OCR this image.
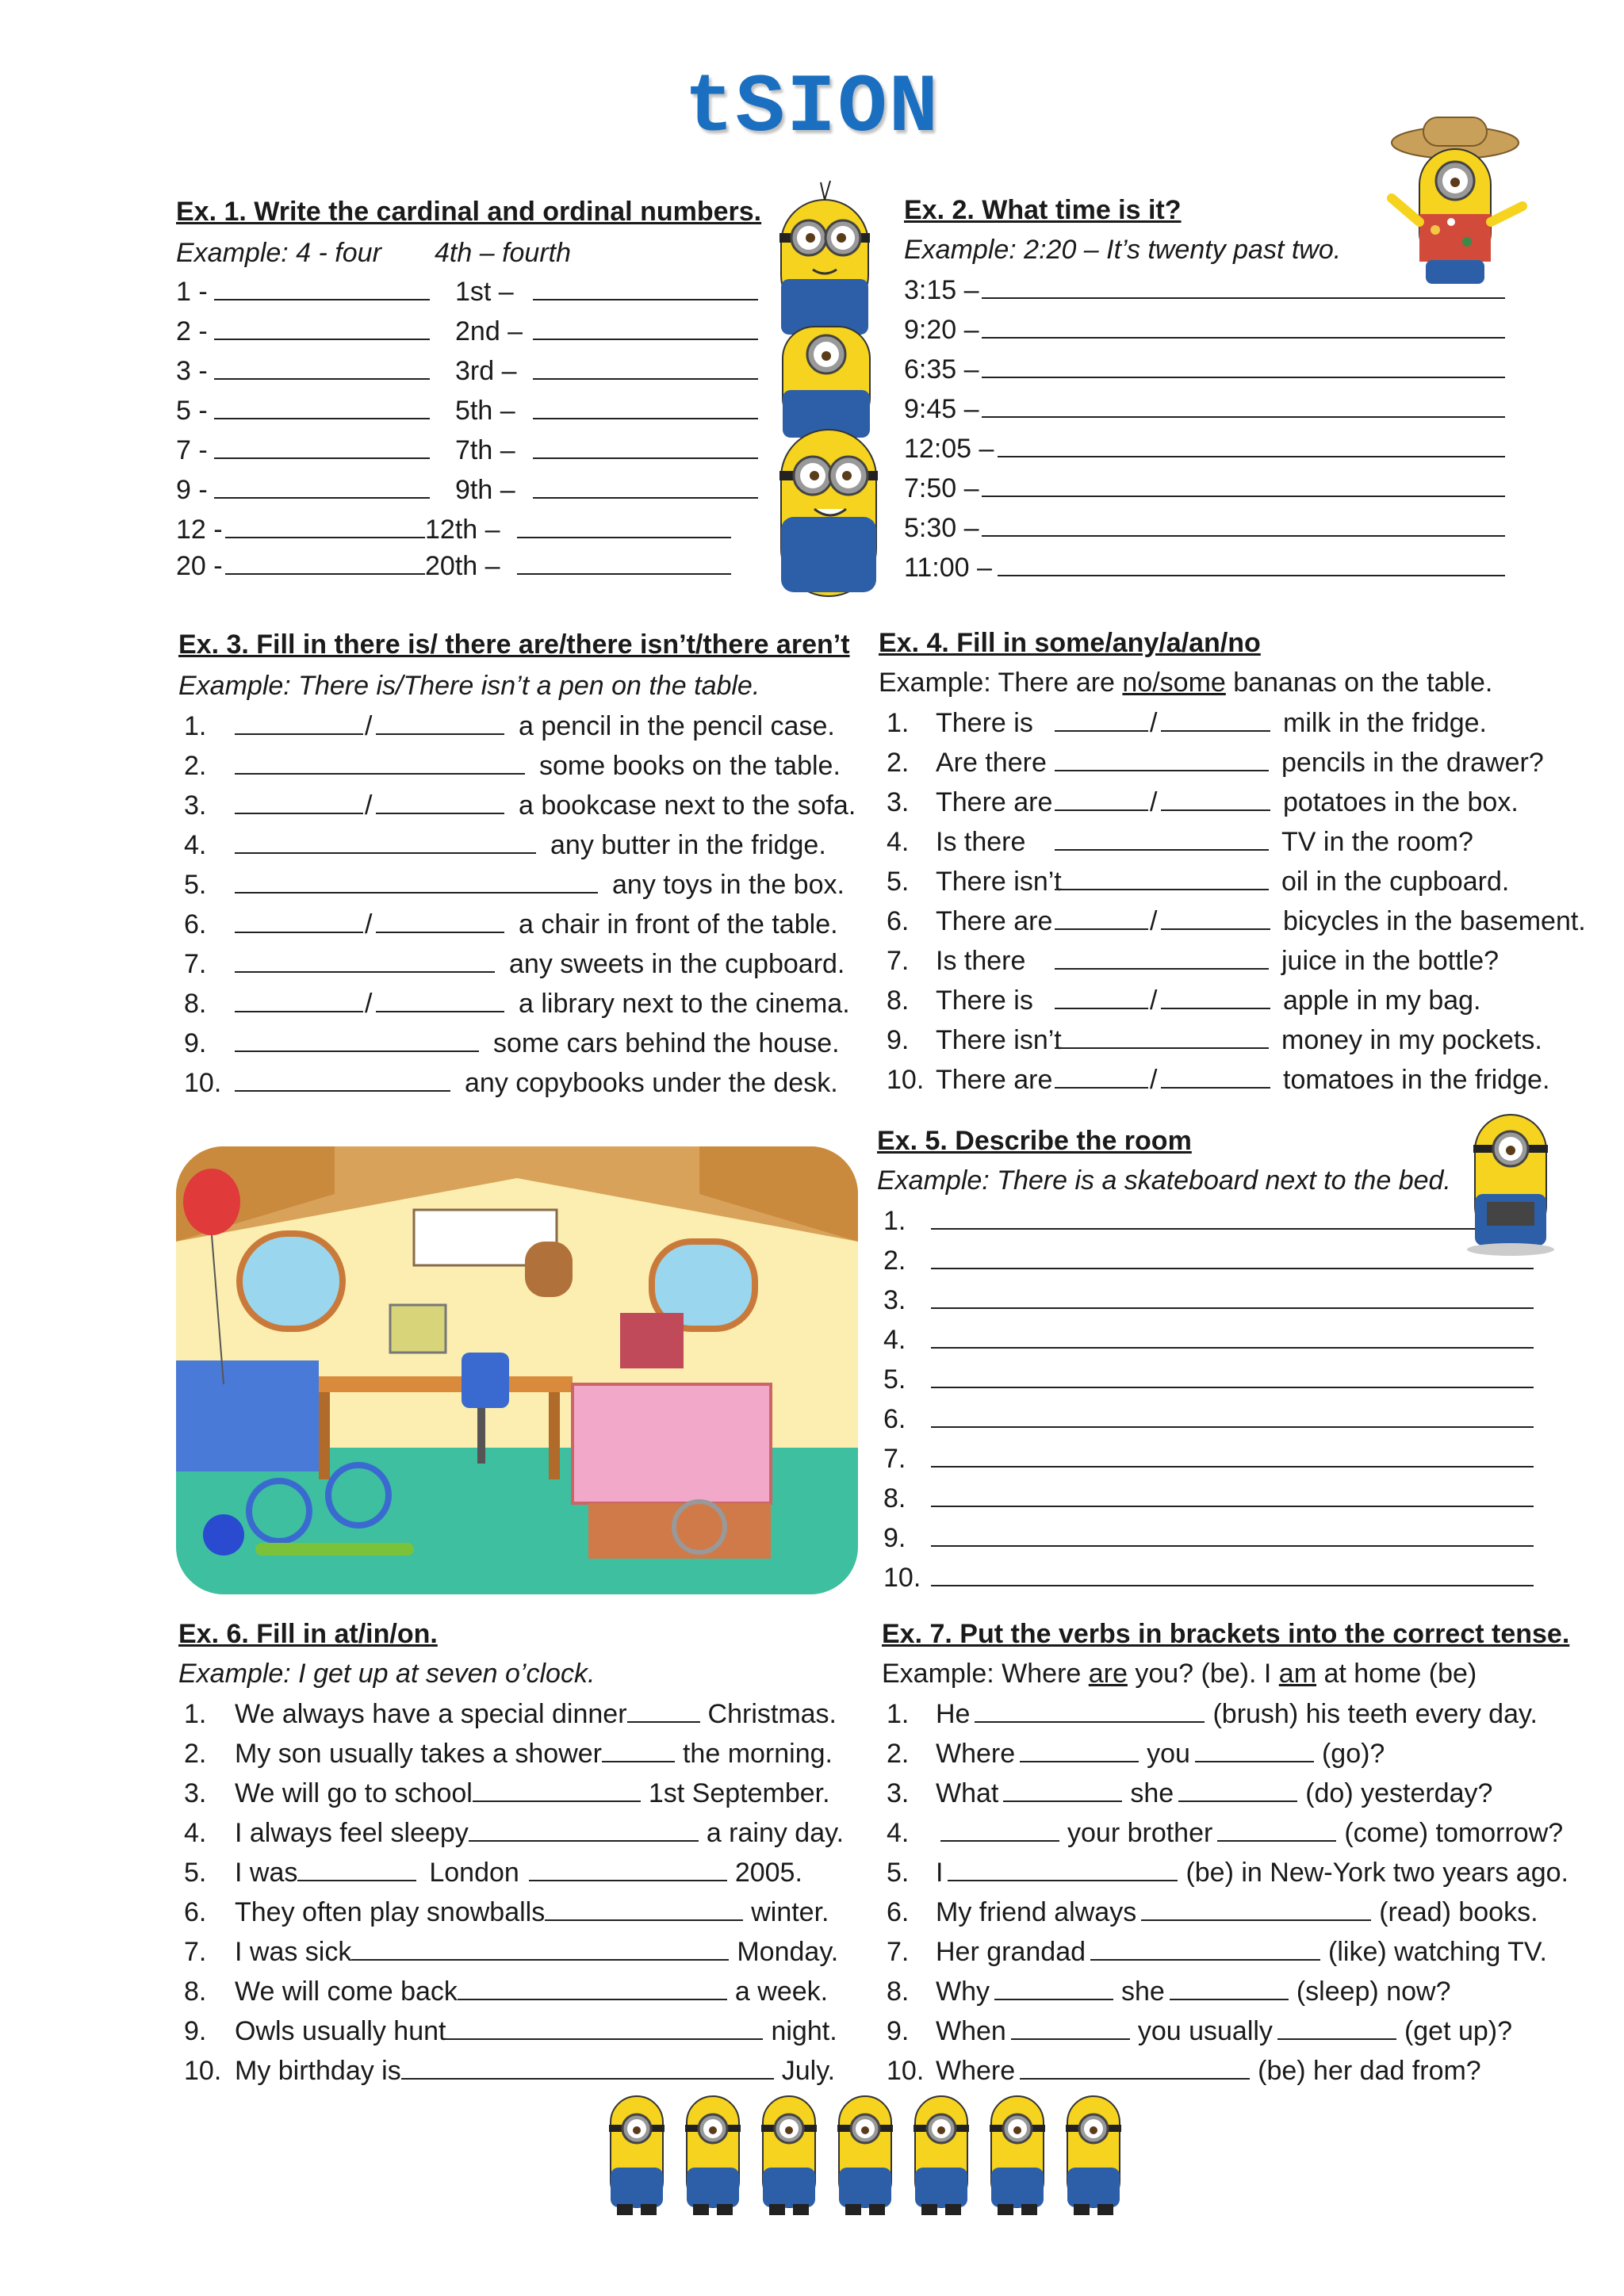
tSION
Ex. 1. Write the cardinal and ordinal numbers.
Example: 4 - four 4th – fourth
1 -	1st –
2 -	2nd –
3 -	3rd –
5 -	5th –
7 -	7th –
9 -	9th –
12 -	12th –
20 -	20th –
Ex. 2. What time is it?
Example: 2:20 – It’s twenty past two.
3:15 –
9:20 –
6:35 –
9:45 –
12:05 –
7:50 –
5:30 –
11:00 –
Ex. 3. Fill in there is/ there are/there isn’t/there aren’t
Example: There is/There isn’t a pen on the table.
1.	/	a pencil in the pencil case.
2.	some books on the table.
3.	/	a bookcase next to the sofa.
4.	any butter in the fridge.
5.	any toys in the box.
6.	/	a chair in front of the table.
7.	any sweets in the cupboard.
8.	/	a library next to the cinema.
9.	some cars behind the house.
10.	any copybooks under the desk.
Ex. 4. Fill in some/any/a/an/no
Example: There are no/some bananas on the table.
1. There is	/	milk in the fridge.
2. Are there	pencils in the drawer?
3. There are	/	potatoes in the box.
4. Is there	TV in the room?
5. There isn’t	oil in the cupboard.
6. There are	/	bicycles in the basement.
7. Is there	juice in the bottle?
8. There is	/	apple in my bag.
9. There isn’t	money in my pockets.
10. There are	/	tomatoes in the fridge.
Ex. 5. Describe the room
Example: There is a skateboard next to the bed.
1.
2.
3.
4.
5.
6.
7.
8.
9.
10.
Ex. 6. Fill in at/in/on.
Example: I get up at seven o’clock.
1. We always have a special dinner	Christmas.
2. My son usually takes a shower	the morning.
3. We will go to school	1st September.
4. I always feel sleepy	a rainy day.
5. I was	London	2005.
6. They often play snowballs	winter.
7. I was sick	Monday.
8. We will come back	a week.
9. Owls usually hunt	night.
10. My birthday is	July.
Ex. 7. Put the verbs in brackets into the correct tense.
Example: Where are you? (be). I am at home (be)
1. He	(brush) his teeth every day.
2. Where	you	(go)?
3. What	she	(do) yesterday?
4.	your brother	(come) tomorrow?
5. I	(be) in New-York two years ago.
6. My friend always	(read) books.
7. Her grandad	(like) watching TV.
8. Why	she	(sleep) now?
9. When	you usually	(get up)?
10. Where	(be) her dad from?
